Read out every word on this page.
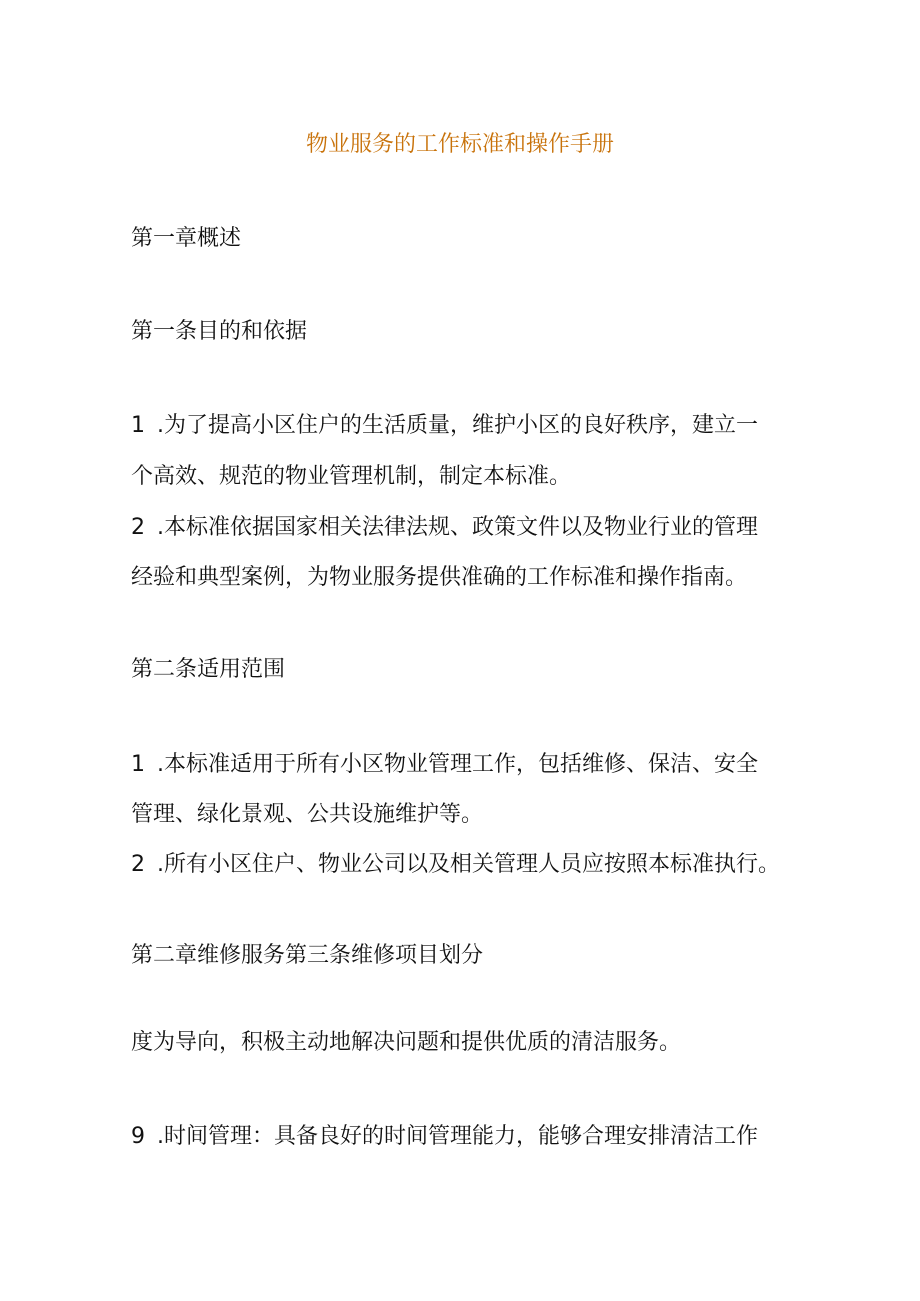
物业服务的工作标准和操作手册
第一章概述
第一条目的和依据
1 .为了提高小区住户的生活质量，维护小区的良好秩序，建立一
个高效、规范的物业管理机制，制定本标准。
2 .本标准依据国家相关法律法规、政策文件以及物业行业的管理
经验和典型案例，为物业服务提供准确的工作标准和操作指南。
第二条适用范围
1 .本标准适用于所有小区物业管理工作，包括维修、保洁、安全
管理、绿化景观、公共设施维护等。
2 .所有小区住户、物业公司以及相关管理人员应按照本标准执行。
第二章维修服务第三条维修项目划分
度为导向，积极主动地解决问题和提供优质的清洁服务。
9 .时间管理：具备良好的时间管理能力，能够合理安排清洁工作
